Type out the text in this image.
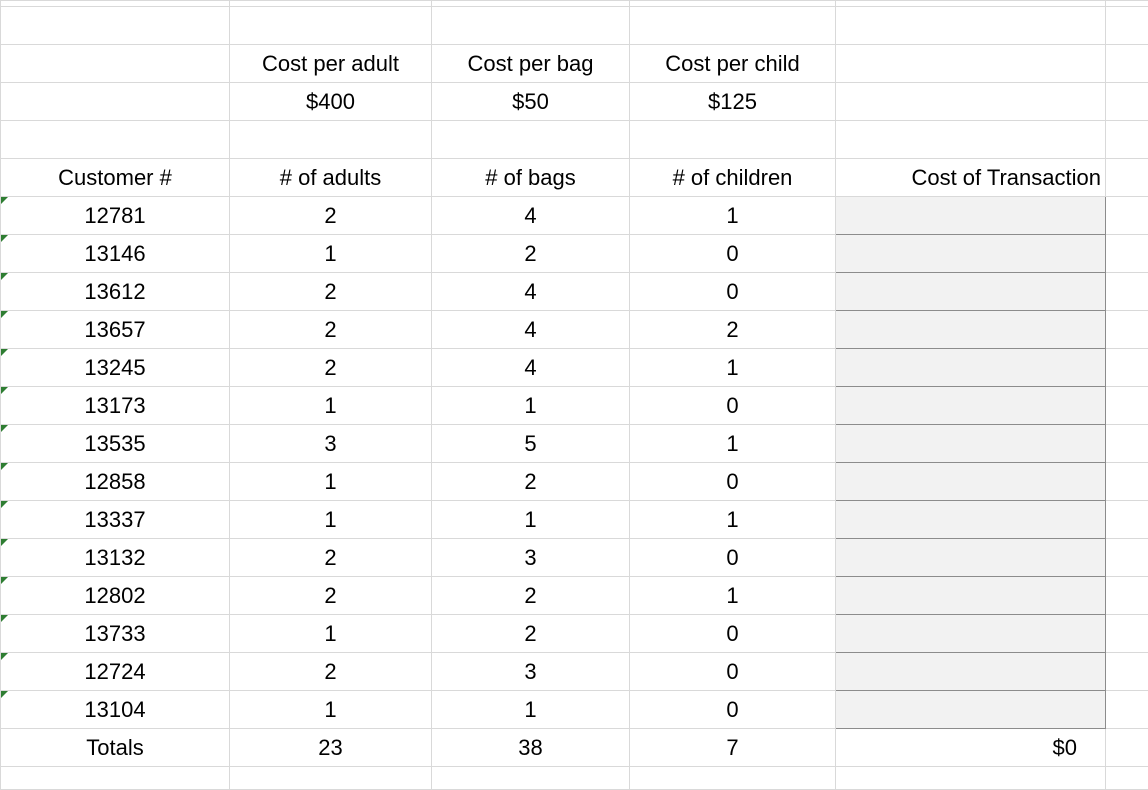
	Cost per adult	Cost per bag	Cost per child		
	$400	$50	$125		

Customer #	# of adults	# of bags	# of children	Cost of Transaction	

12781	2	4	1		

13146	1	2	0		

13612	2	4	0		

13657	2	4	2		

13245	2	4	1		

13173	1	1	0		

13535	3	5	1		

12858	1	2	0		

13337	1	1	1		

13132	2	3	0		

12802	2	2	1		

13733	1	2	0		

12724	2	3	0		

13104	1	1	0		
Totals	23	38	7	$0	
